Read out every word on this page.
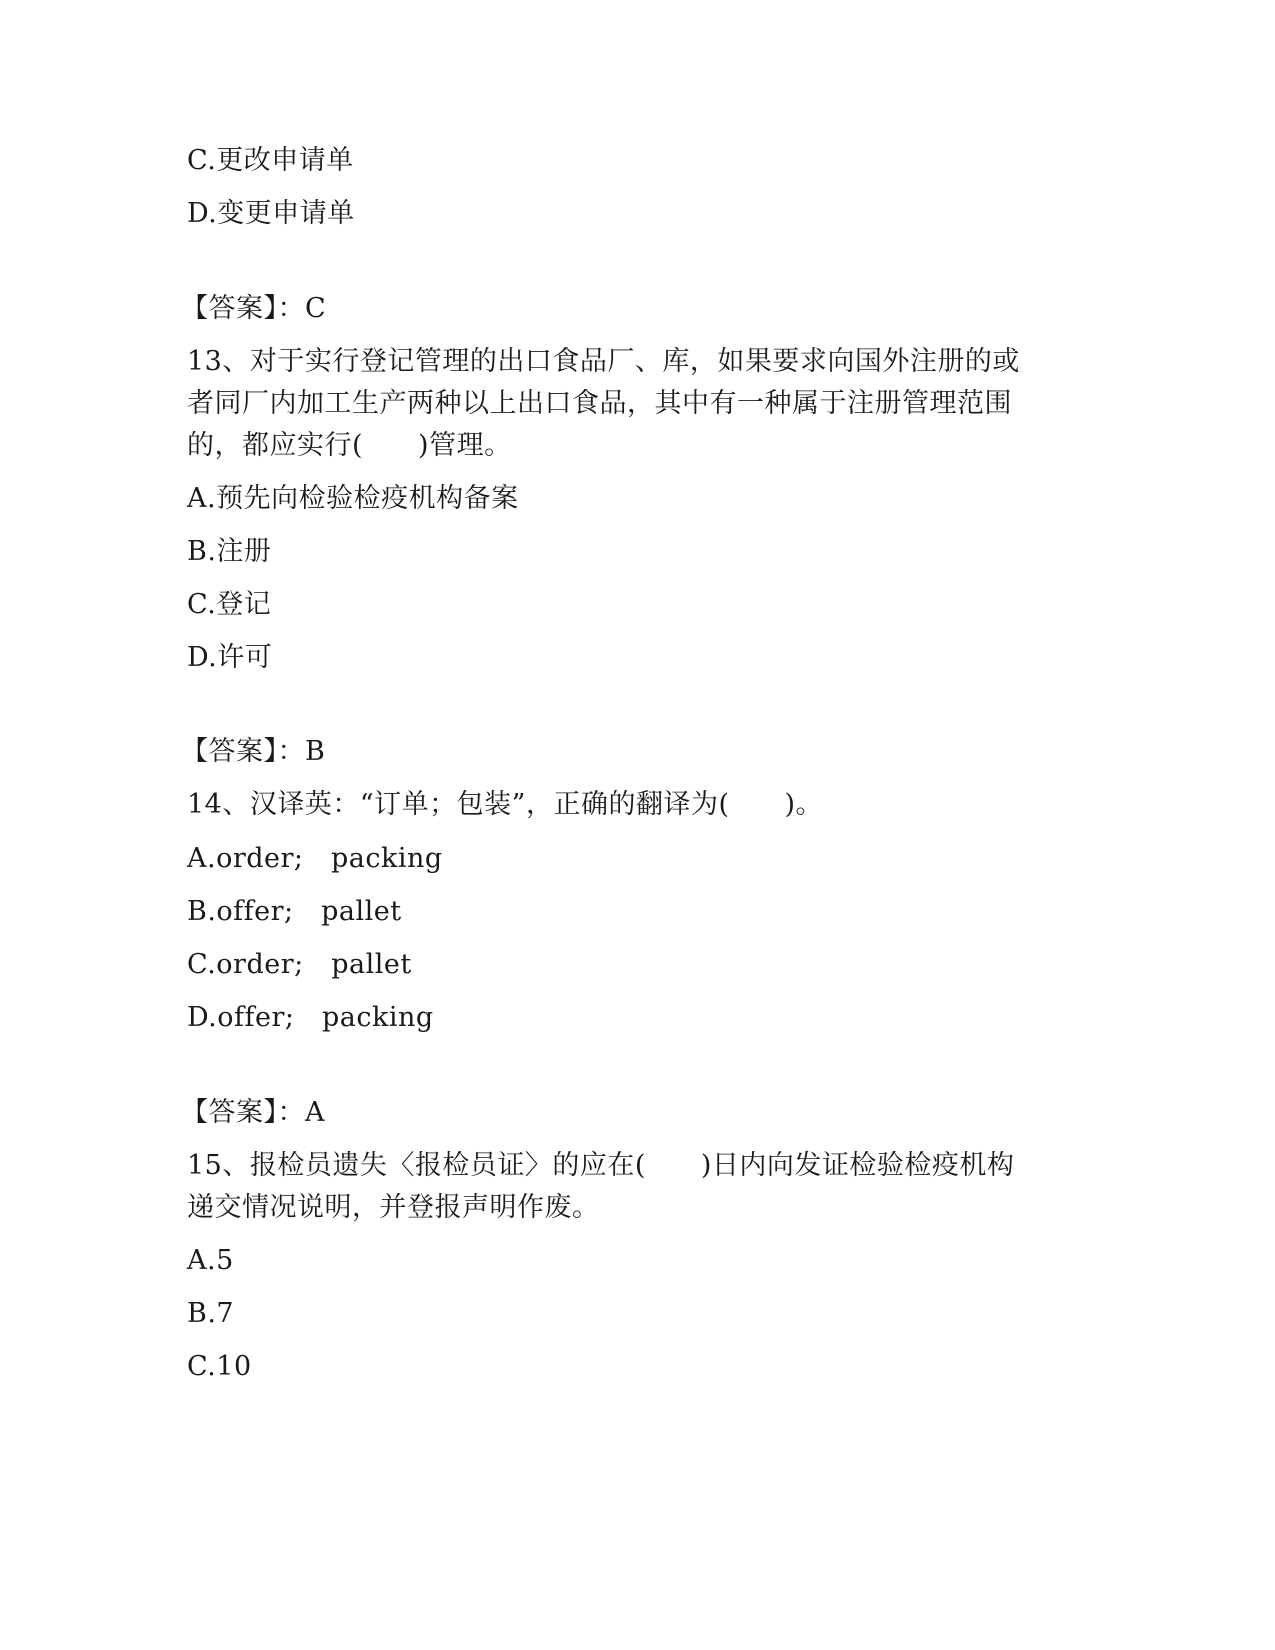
C.更改申请单
D.变更申请单
【答案】：C
13、对于实行登记管理的出口食品厂、库，如果要求向国外注册的或
者同厂内加工生产两种以上出口食品，其中有一种属于注册管理范围
的，都应实行(　　)管理。
A.预先向检验检疫机构备案
B.注册
C.登记
D.许可
【答案】：B
14、汉译英：“订单；包装”，正确的翻译为(　　)。
A.order;　packing
B.offer;　pallet
C.order;　pallet
D.offer;　packing
【答案】：A
15、报检员遗失〈报检员证〉的应在(　　)日内向发证检验检疫机构
递交情况说明，并登报声明作废。
A.5
B.7
C.10
